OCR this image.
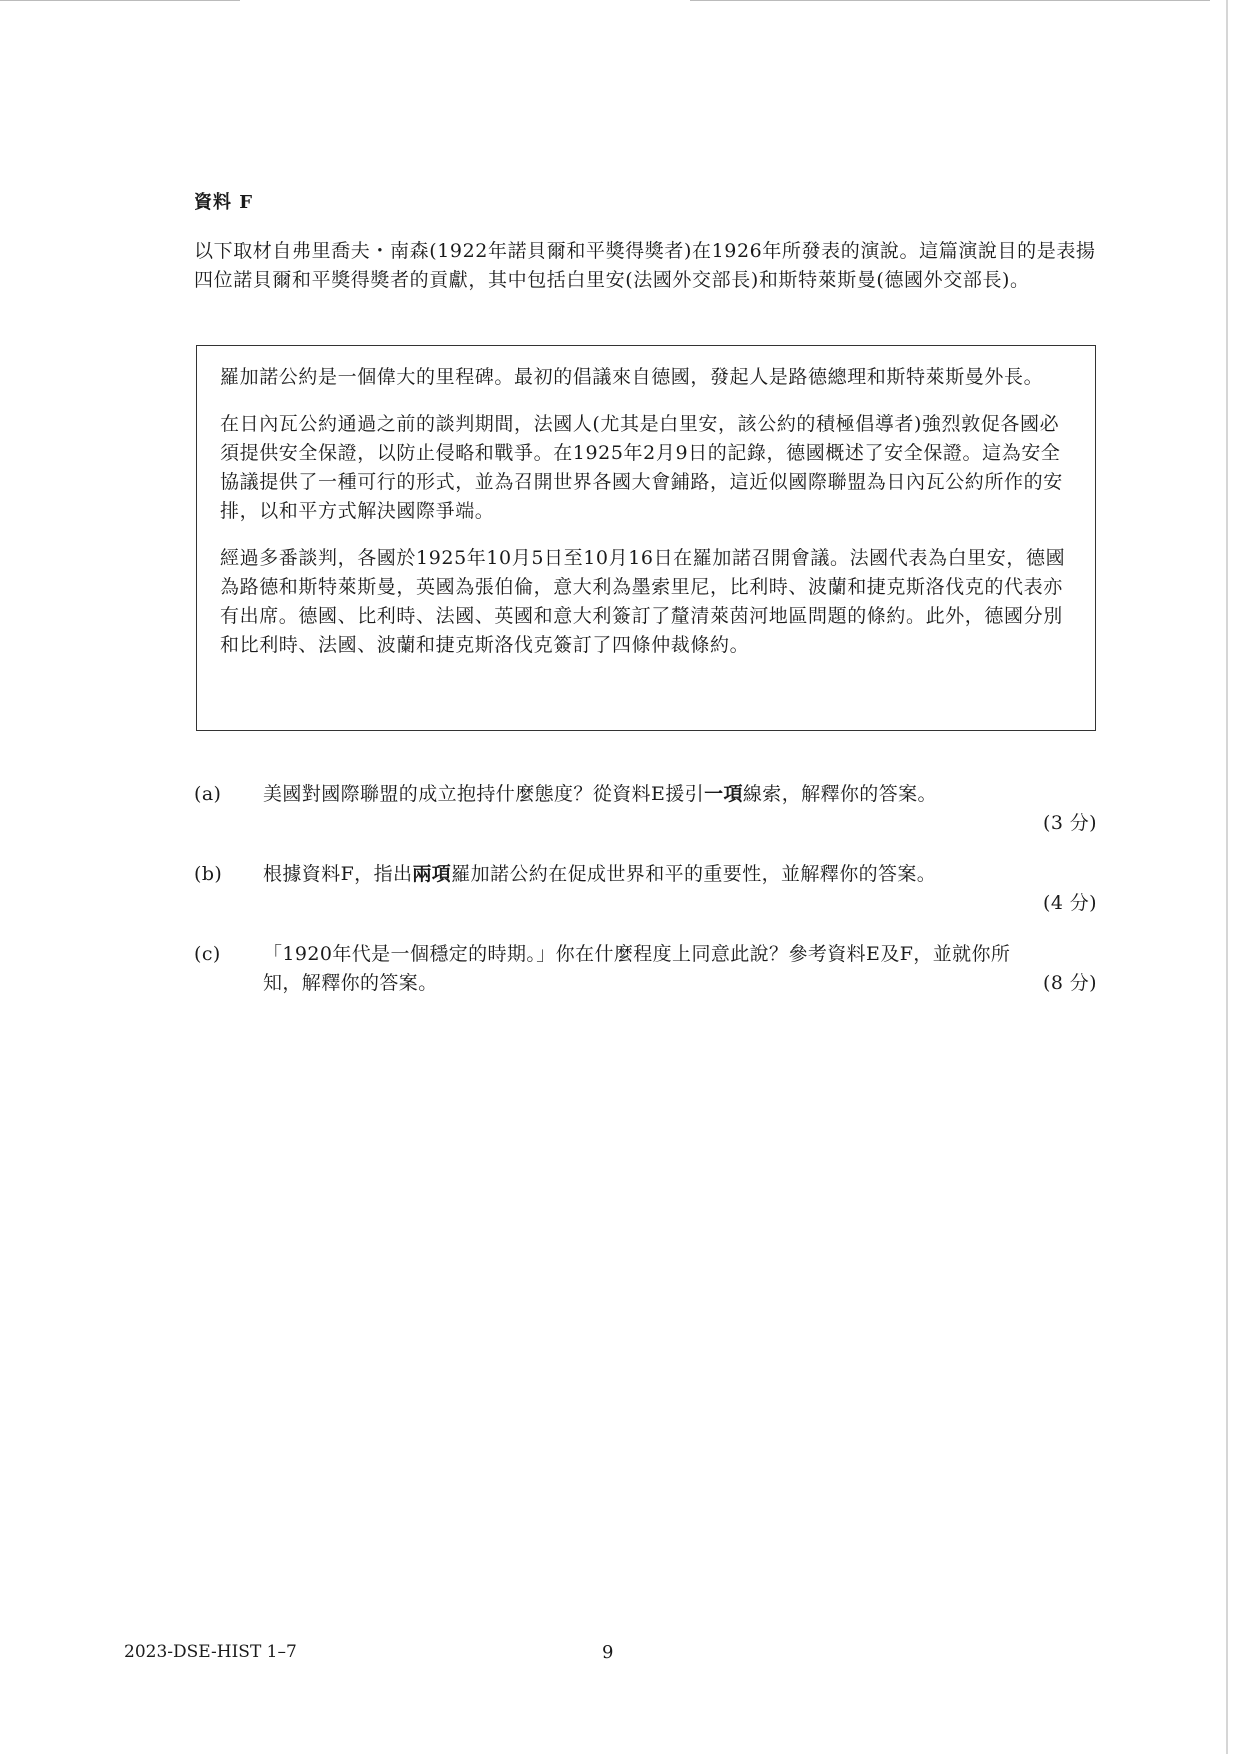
資料 F
以下取材自弗里喬夫・南森(1922年諾貝爾和平獎得獎者)在1926年所發表的演說。這篇演說目的是表揚四位諾貝爾和平獎得獎者的貢獻，其中包括白里安(法國外交部長)和斯特萊斯曼(德國外交部長)。

羅加諾公約是一個偉大的里程碑。最初的倡議來自德國，發起人是路德總理和斯特萊斯曼外長。

在日內瓦公約通過之前的談判期間，法國人(尤其是白里安，該公約的積極倡導者)強烈敦促各國必須提供安全保證，以防止侵略和戰爭。在1925年2月9日的記錄，德國概述了安全保證。這為安全協議提供了一種可行的形式，並為召開世界各國大會鋪路，這近似國際聯盟為日內瓦公約所作的安排，以和平方式解決國際爭端。

經過多番談判，各國於1925年10月5日至10月16日在羅加諾召開會議。法國代表為白里安，德國為路德和斯特萊斯曼，英國為張伯倫，意大利為墨索里尼，比利時、波蘭和捷克斯洛伐克的代表亦有出席。德國、比利時、法國、英國和意大利簽訂了釐清萊茵河地區問題的條約。此外，德國分別和比利時、法國、波蘭和捷克斯洛伐克簽訂了四條仲裁條約。

(a) 美國對國際聯盟的成立抱持什麼態度？從資料E援引一項線索，解釋你的答案。
(3 分)
(b) 根據資料F，指出兩項羅加諾公約在促成世界和平的重要性，並解釋你的答案。
(4 分)
(c) 「1920年代是一個穩定的時期。」你在什麼程度上同意此說？參考資料E及F，並就你所知，解釋你的答案。	(8 分)
2023-DSE-HIST 1–7	9
